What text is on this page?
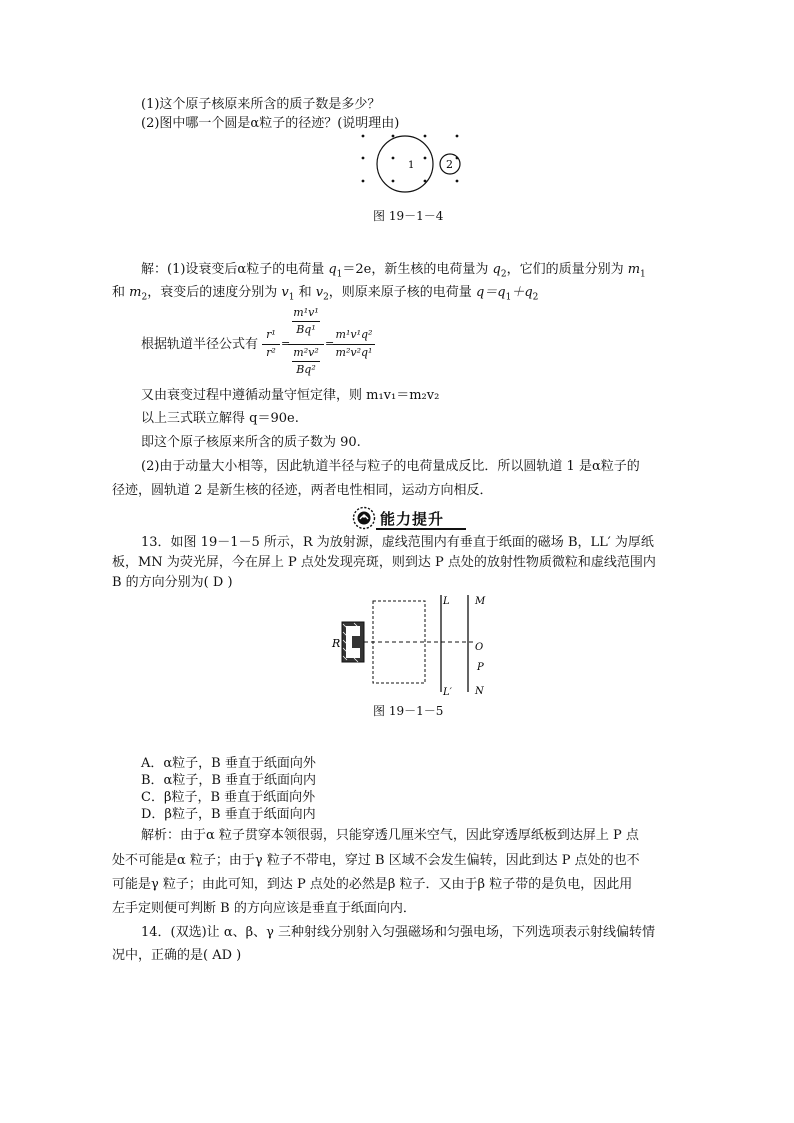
(1)这个原子核原来所含的质子数是多少？
(2)图中哪一个圆是α粒子的径迹？(说明理由)
1	2
图 19－1－4
解：(1)设衰变后α粒子的电荷量 $q_1=2e$，新生核的电荷量为 $q_2$，它们的质量分别为 $m_1$
和 $m_2$，衰变后的速度分别为 $v_1$ 和 $v_2$，则原来原子核的电荷量 $q=q_1+q_2$
根据轨道半径公式有
r¹
r²
=
m¹v¹
Bq¹
m²v²
Bq²
=
m¹v¹q²
m²v²q¹
又由衰变过程中遵循动量守恒定律，则 m₁v₁＝m₂v₂
以上三式联立解得 q＝90e.
即这个原子核原来所含的质子数为 90.
(2)由于动量大小相等，因此轨道半径与粒子的电荷量成反比．所以圆轨道 1 是α粒子的
径迹，圆轨道 2 是新生核的径迹，两者电性相同，运动方向相反．
能力提升
13．如图 19－1－5 所示，R 为放射源，虚线范围内有垂直于纸面的磁场 B，LL′ 为厚纸
板，MN 为荧光屏，今在屏上 P 点处发现亮斑，则到达 P 点处的放射性物质微粒和虚线范围内
B 的方向分别为( D )
R
L
L′
M
O
P
N
图 19－1－5
A．α粒子，B 垂直于纸面向外
B．α粒子，B 垂直于纸面向内
C．β粒子，B 垂直于纸面向外
D．β粒子，B 垂直于纸面向内
解析：由于α 粒子贯穿本领很弱，只能穿透几厘米空气，因此穿透厚纸板到达屏上 P 点
处不可能是α 粒子；由于γ 粒子不带电，穿过 B 区域不会发生偏转，因此到达 P 点处的也不
可能是γ 粒子；由此可知，到达 P 点处的必然是β 粒子．又由于β 粒子带的是负电，因此用
左手定则便可判断 B 的方向应该是垂直于纸面向内．
14．(双选)让 α、β、γ 三种射线分别射入匀强磁场和匀强电场，下列选项表示射线偏转情
况中，正确的是( AD )
